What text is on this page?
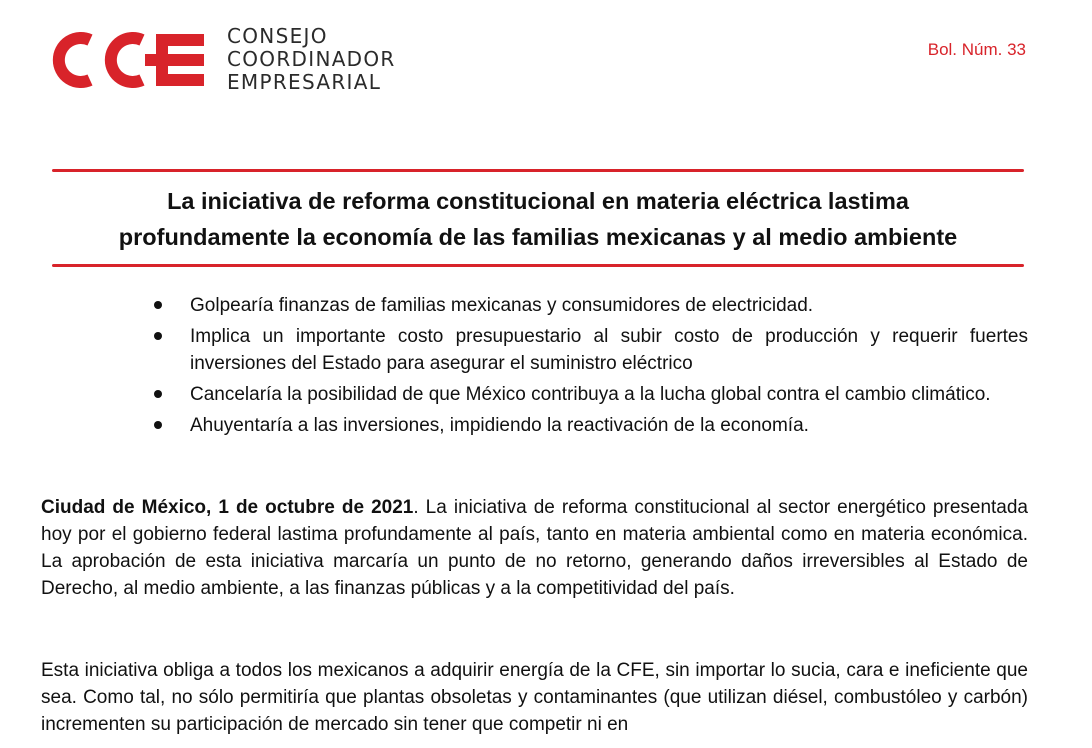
CONSEJO
COORDINADOR
EMPRESARIAL
Bol. Núm. 33
La iniciativa de reforma constitucional en materia eléctrica lastima
profundamente la economía de las familias mexicanas y al medio ambiente
Golpearía finanzas de familias mexicanas y consumidores de electricidad.
Implica un importante costo presupuestario al subir costo de producción y requerir fuertes inversiones del Estado para asegurar el suministro eléctrico
Cancelaría la posibilidad de que México contribuya a la lucha global contra el cambio climático.
Ahuyentaría a las inversiones, impidiendo la reactivación de la economía.

Ciudad de México, 1 de octubre de 2021. La iniciativa de reforma constitucional al sector energético presentada hoy por el gobierno federal lastima profundamente al país, tanto en materia ambiental como en materia económica. La aprobación de esta iniciativa marcaría un punto de no retorno, generando daños irreversibles al Estado de Derecho, al medio ambiente, a las finanzas públicas y a la competitividad del país.

Esta iniciativa obliga a todos los mexicanos a adquirir energía de la CFE, sin importar lo sucia, cara e ineficiente que sea. Como tal, no sólo permitiría que plantas obsoletas y contaminantes (que utilizan diésel, combustóleo y carbón) incrementen su participación de mercado sin tener que competir ni en
